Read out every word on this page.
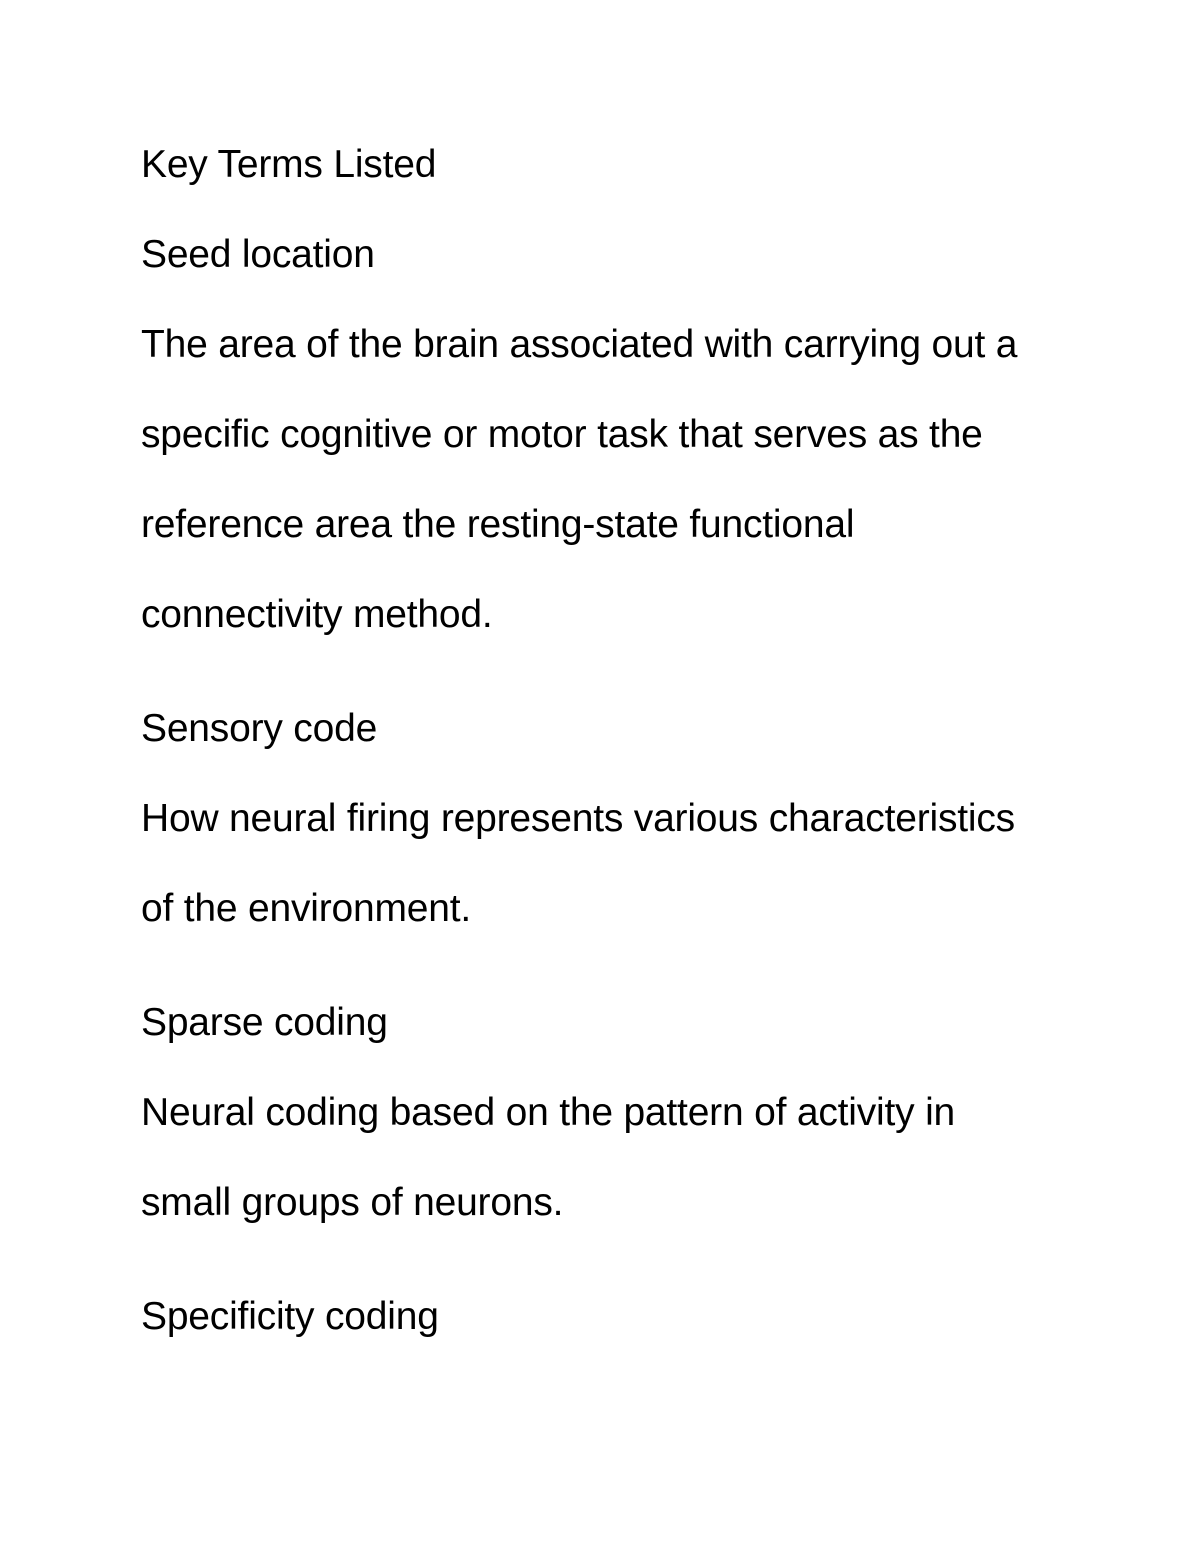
Key Terms Listed
Seed location
The area of the brain associated with carrying out a
specific cognitive or motor task that serves as the
reference area the resting-state functional
connectivity method.
Sensory code
How neural firing represents various characteristics
of the environment.
Sparse coding
Neural coding based on the pattern of activity in
small groups of neurons.
Specificity coding
